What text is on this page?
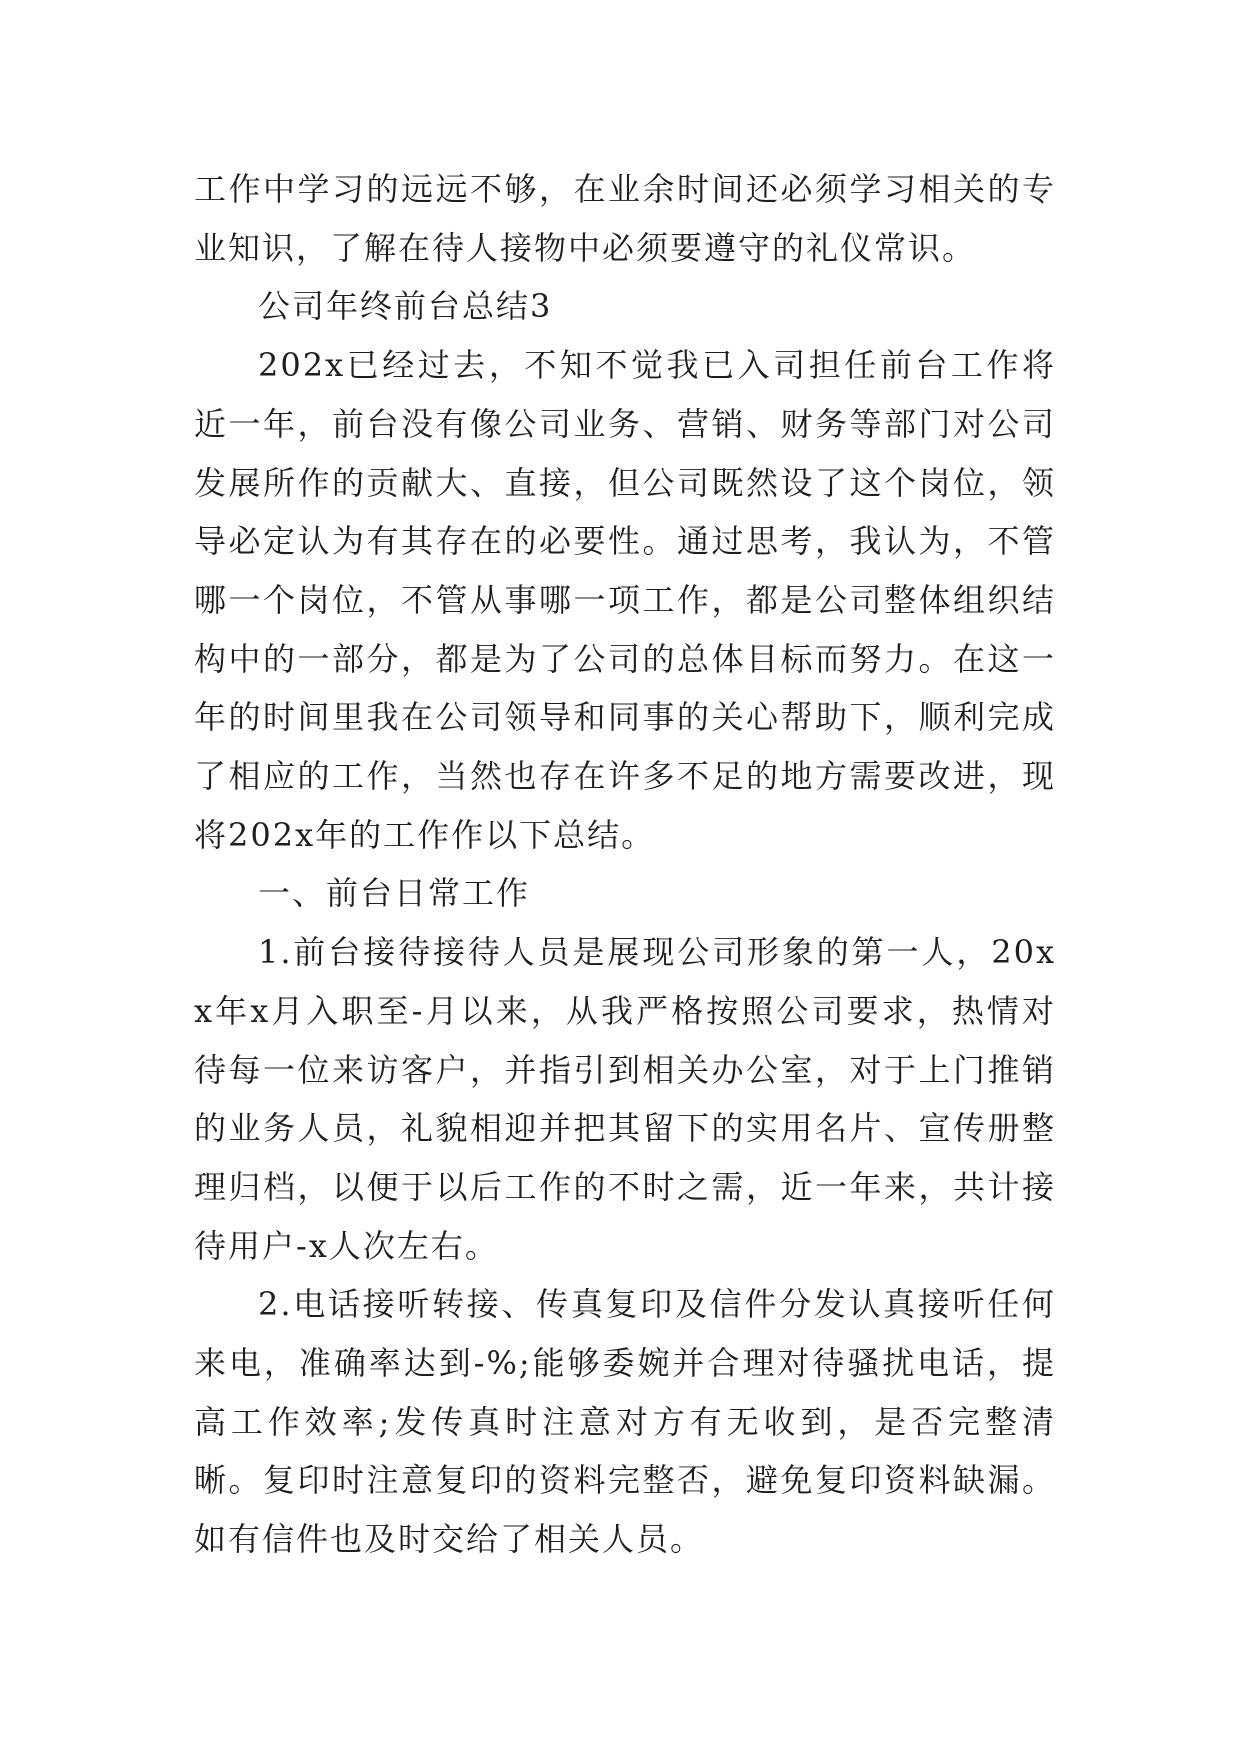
工作中学习的远远不够，在业余时间还必须学习相关的专业知识，了解在待人接物中必须要遵守的礼仪常识。

公司年终前台总结3

202x已经过去，不知不觉我已入司担任前台工作将近一年，前台没有像公司业务、营销、财务等部门对公司发展所作的贡献大、直接，但公司既然设了这个岗位，领导必定认为有其存在的必要性。通过思考，我认为，不管哪一个岗位，不管从事哪一项工作，都是公司整体组织结构中的一部分，都是为了公司的总体目标而努力。在这一年的时间里我在公司领导和同事的关心帮助下，顺利完成了相应的工作，当然也存在许多不足的地方需要改进，现将202x年的工作作以下总结。

一、前台日常工作

1.前台接待接待人员是展现公司形象的第一人，20xx年x月入职至-月以来，从我严格按照公司要求，热情对待每一位来访客户，并指引到相关办公室，对于上门推销的业务人员，礼貌相迎并把其留下的实用名片、宣传册整理归档，以便于以后工作的不时之需，近一年来，共计接待用户-x人次左右。

2.电话接听转接、传真复印及信件分发认真接听任何来电，准确率达到-%;能够委婉并合理对待骚扰电话，提高工作效率;发传真时注意对方有无收到，是否完整清晰。复印时注意复印的资料完整否，避免复印资料缺漏。如有信件也及时交给了相关人员。
